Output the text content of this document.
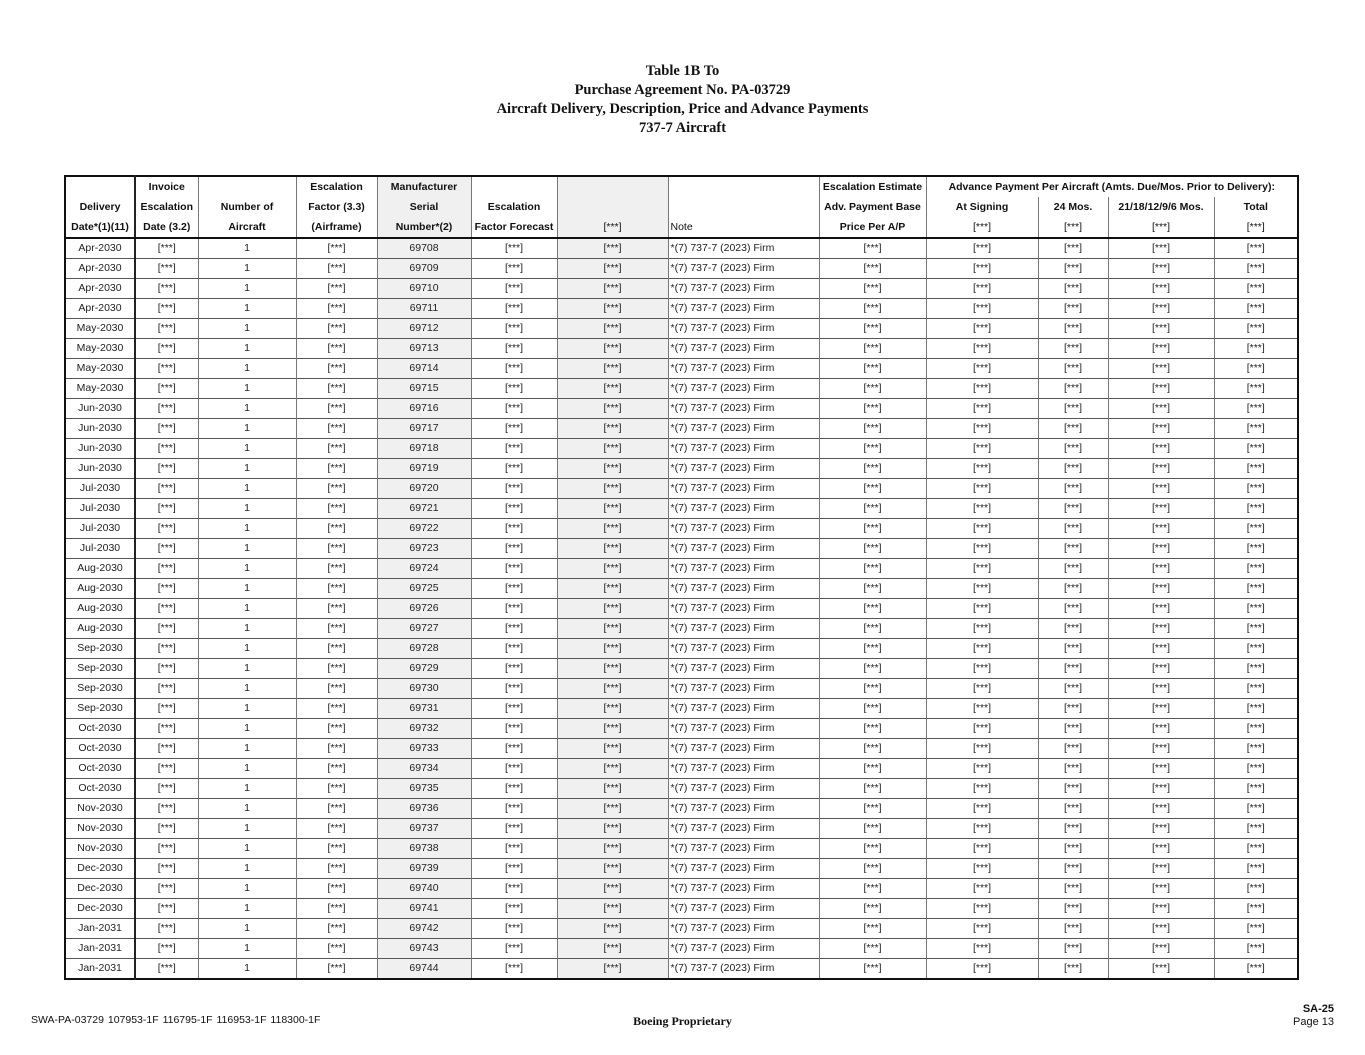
Table 1B To
Purchase Agreement No. PA-03729
Aircraft Delivery, Description, Price and Advance Payments
737-7 Aircraft
	Invoice		Escalation	Manufacturer				Escalation Estimate	Advance Payment Per Aircraft (Amts. Due/Mos. Prior to Delivery):			
Delivery	Escalation	Number of	Factor (3.3)	Serial	Escalation			Adv. Payment Base	At Signing	24 Mos.	21/18/12/9/6 Mos.	Total
Date*(1)(11)	Date (3.2)	Aircraft	(Airframe)	Number*(2)	Factor Forecast	[***]	Note	Price Per A/P	[***]	[***]	[***]	[***]
Apr-2030	[***]	1	[***]	69708	[***]	[***]	*(7) 737-7 (2023) Firm	[***]	[***]	[***]	[***]	[***]
Apr-2030	[***]	1	[***]	69709	[***]	[***]	*(7) 737-7 (2023) Firm	[***]	[***]	[***]	[***]	[***]
Apr-2030	[***]	1	[***]	69710	[***]	[***]	*(7) 737-7 (2023) Firm	[***]	[***]	[***]	[***]	[***]
Apr-2030	[***]	1	[***]	69711	[***]	[***]	*(7) 737-7 (2023) Firm	[***]	[***]	[***]	[***]	[***]
May-2030	[***]	1	[***]	69712	[***]	[***]	*(7) 737-7 (2023) Firm	[***]	[***]	[***]	[***]	[***]
May-2030	[***]	1	[***]	69713	[***]	[***]	*(7) 737-7 (2023) Firm	[***]	[***]	[***]	[***]	[***]
May-2030	[***]	1	[***]	69714	[***]	[***]	*(7) 737-7 (2023) Firm	[***]	[***]	[***]	[***]	[***]
May-2030	[***]	1	[***]	69715	[***]	[***]	*(7) 737-7 (2023) Firm	[***]	[***]	[***]	[***]	[***]
Jun-2030	[***]	1	[***]	69716	[***]	[***]	*(7) 737-7 (2023) Firm	[***]	[***]	[***]	[***]	[***]
Jun-2030	[***]	1	[***]	69717	[***]	[***]	*(7) 737-7 (2023) Firm	[***]	[***]	[***]	[***]	[***]
Jun-2030	[***]	1	[***]	69718	[***]	[***]	*(7) 737-7 (2023) Firm	[***]	[***]	[***]	[***]	[***]
Jun-2030	[***]	1	[***]	69719	[***]	[***]	*(7) 737-7 (2023) Firm	[***]	[***]	[***]	[***]	[***]
Jul-2030	[***]	1	[***]	69720	[***]	[***]	*(7) 737-7 (2023) Firm	[***]	[***]	[***]	[***]	[***]
Jul-2030	[***]	1	[***]	69721	[***]	[***]	*(7) 737-7 (2023) Firm	[***]	[***]	[***]	[***]	[***]
Jul-2030	[***]	1	[***]	69722	[***]	[***]	*(7) 737-7 (2023) Firm	[***]	[***]	[***]	[***]	[***]
Jul-2030	[***]	1	[***]	69723	[***]	[***]	*(7) 737-7 (2023) Firm	[***]	[***]	[***]	[***]	[***]
Aug-2030	[***]	1	[***]	69724	[***]	[***]	*(7) 737-7 (2023) Firm	[***]	[***]	[***]	[***]	[***]
Aug-2030	[***]	1	[***]	69725	[***]	[***]	*(7) 737-7 (2023) Firm	[***]	[***]	[***]	[***]	[***]
Aug-2030	[***]	1	[***]	69726	[***]	[***]	*(7) 737-7 (2023) Firm	[***]	[***]	[***]	[***]	[***]
Aug-2030	[***]	1	[***]	69727	[***]	[***]	*(7) 737-7 (2023) Firm	[***]	[***]	[***]	[***]	[***]
Sep-2030	[***]	1	[***]	69728	[***]	[***]	*(7) 737-7 (2023) Firm	[***]	[***]	[***]	[***]	[***]
Sep-2030	[***]	1	[***]	69729	[***]	[***]	*(7) 737-7 (2023) Firm	[***]	[***]	[***]	[***]	[***]
Sep-2030	[***]	1	[***]	69730	[***]	[***]	*(7) 737-7 (2023) Firm	[***]	[***]	[***]	[***]	[***]
Sep-2030	[***]	1	[***]	69731	[***]	[***]	*(7) 737-7 (2023) Firm	[***]	[***]	[***]	[***]	[***]
Oct-2030	[***]	1	[***]	69732	[***]	[***]	*(7) 737-7 (2023) Firm	[***]	[***]	[***]	[***]	[***]
Oct-2030	[***]	1	[***]	69733	[***]	[***]	*(7) 737-7 (2023) Firm	[***]	[***]	[***]	[***]	[***]
Oct-2030	[***]	1	[***]	69734	[***]	[***]	*(7) 737-7 (2023) Firm	[***]	[***]	[***]	[***]	[***]
Oct-2030	[***]	1	[***]	69735	[***]	[***]	*(7) 737-7 (2023) Firm	[***]	[***]	[***]	[***]	[***]
Nov-2030	[***]	1	[***]	69736	[***]	[***]	*(7) 737-7 (2023) Firm	[***]	[***]	[***]	[***]	[***]
Nov-2030	[***]	1	[***]	69737	[***]	[***]	*(7) 737-7 (2023) Firm	[***]	[***]	[***]	[***]	[***]
Nov-2030	[***]	1	[***]	69738	[***]	[***]	*(7) 737-7 (2023) Firm	[***]	[***]	[***]	[***]	[***]
Dec-2030	[***]	1	[***]	69739	[***]	[***]	*(7) 737-7 (2023) Firm	[***]	[***]	[***]	[***]	[***]
Dec-2030	[***]	1	[***]	69740	[***]	[***]	*(7) 737-7 (2023) Firm	[***]	[***]	[***]	[***]	[***]
Dec-2030	[***]	1	[***]	69741	[***]	[***]	*(7) 737-7 (2023) Firm	[***]	[***]	[***]	[***]	[***]
Jan-2031	[***]	1	[***]	69742	[***]	[***]	*(7) 737-7 (2023) Firm	[***]	[***]	[***]	[***]	[***]
Jan-2031	[***]	1	[***]	69743	[***]	[***]	*(7) 737-7 (2023) Firm	[***]	[***]	[***]	[***]	[***]
Jan-2031	[***]	1	[***]	69744	[***]	[***]	*(7) 737-7 (2023) Firm	[***]	[***]	[***]	[***]	[***]
SWA-PA-03729 107953-1F 116795-1F 116953-1F 118300-1F	Boeing Proprietary
SA-25
Page 13
